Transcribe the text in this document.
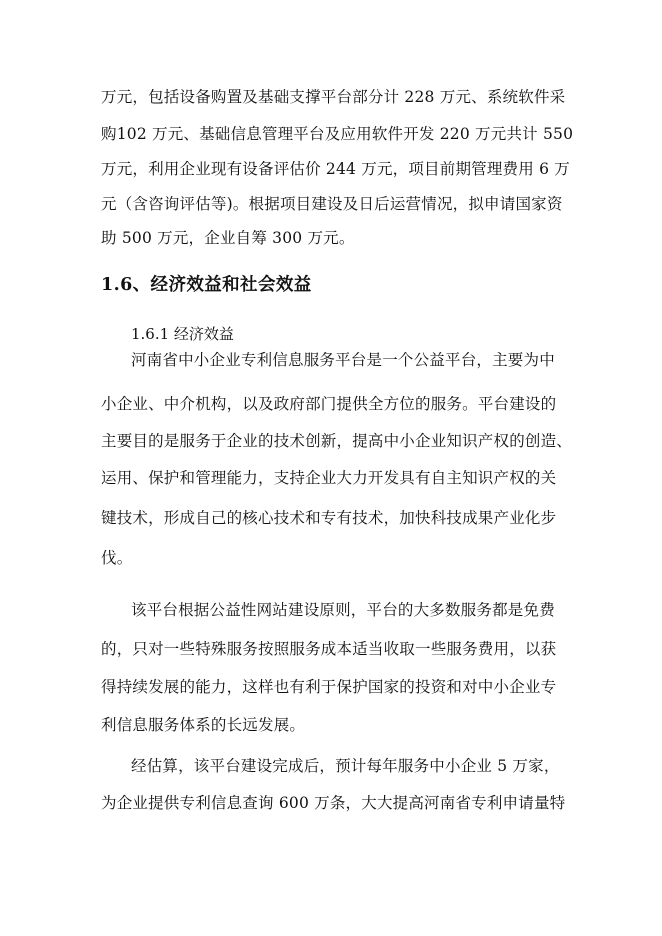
万元，包括设备购置及基础支撑平台部分计 228 万元、系统软件采
购102 万元、基础信息管理平台及应用软件开发 220 万元共计 550
万元，利用企业现有设备评估价 244 万元，项目前期管理费用 6 万
元（含咨询评估等)。根据项目建设及日后运营情况，拟申请国家资
助 500 万元，企业自筹 300 万元。
1.6、经济效益和社会效益
1.6.1 经济效益
河南省中小企业专利信息服务平台是一个公益平台，主要为中
小企业、中介机构，以及政府部门提供全方位的服务。平台建设的
主要目的是服务于企业的技术创新，提高中小企业知识产权的创造、
运用、保护和管理能力，支持企业大力开发具有自主知识产权的关
键技术，形成自己的核心技术和专有技术，加快科技成果产业化步
伐。
该平台根据公益性网站建设原则，平台的大多数服务都是免费
的，只对一些特殊服务按照服务成本适当收取一些服务费用，以获
得持续发展的能力，这样也有利于保护国家的投资和对中小企业专
利信息服务体系的长远发展。
经估算，该平台建设完成后，预计每年服务中小企业 5 万家，
为企业提供专利信息查询 600 万条，大大提高河南省专利申请量特
